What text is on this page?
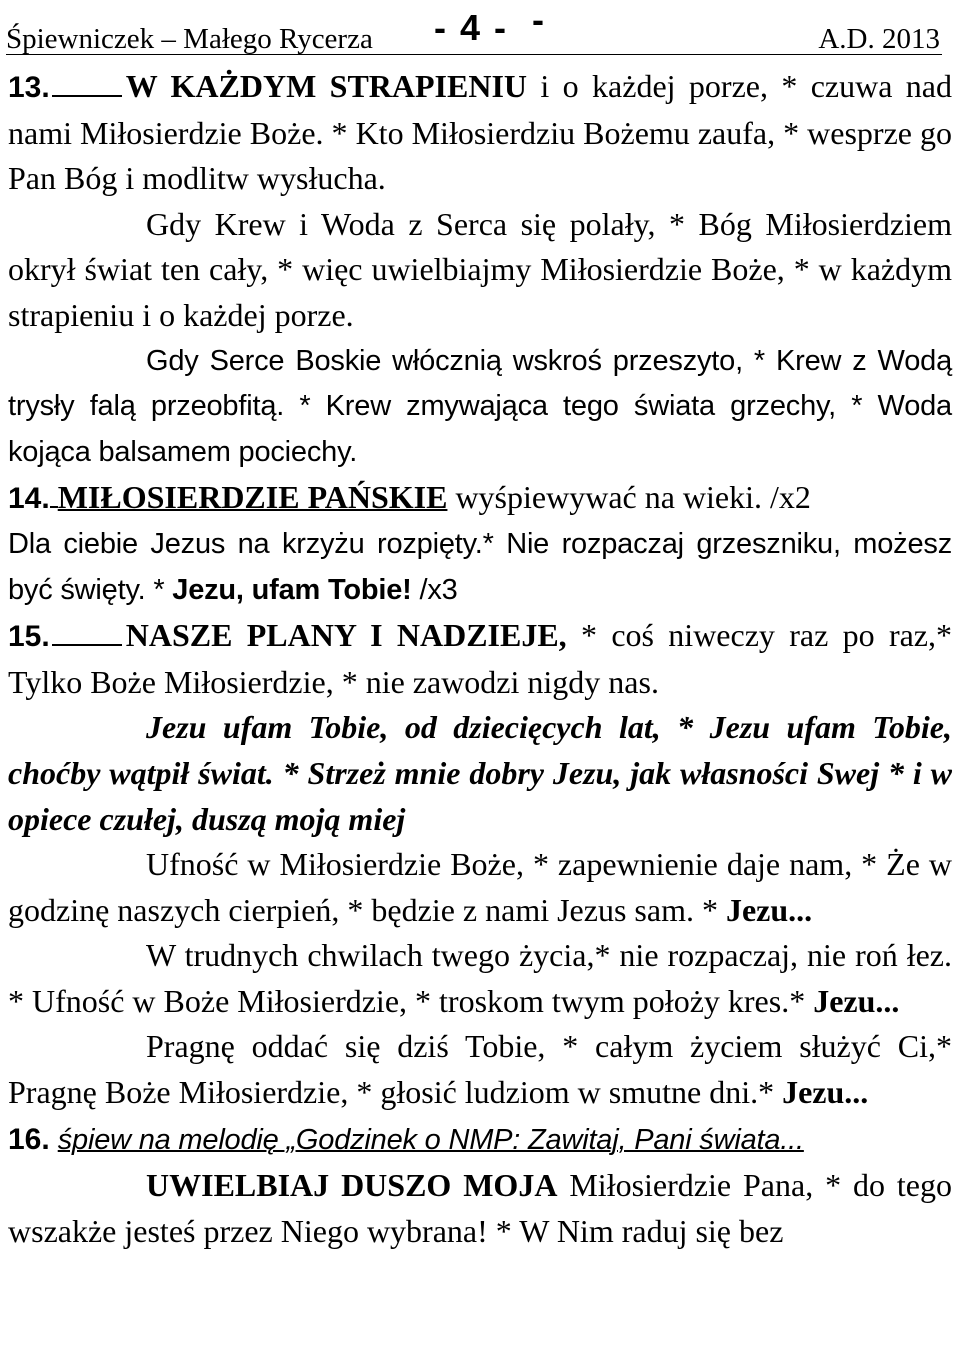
Śpiewniczek – Małego Rycerza - 4 - -	A.D. 2013

13. W KAŻDYM STRAPIENIU i o każdej porze, * czuwa nad nami Miłosierdzie Boże. * Kto Miłosierdziu Bożemu zaufa, * wesprze go Pan Bóg i modlitw wysłucha.

Gdy Krew i Woda z Serca się polały, * Bóg Miłosierdziem okrył świat ten cały, * więc uwielbiajmy Miłosierdzie Boże, * w każdym strapieniu i o każdej porze.

Gdy Serce Boskie włócznią wskroś przeszyto, * Krew z Wodą trysły falą przeobfitą. * Krew zmywająca tego świata grzechy, * Woda kojąca balsamem pociechy.

14. MIŁOSIERDZIE PAŃSKIE wyśpiewywać na wieki. /x2

Dla ciebie Jezus na krzyżu rozpięty.* Nie rozpaczaj grzeszniku, możesz być święty. * Jezu, ufam Tobie! /x3

15. NASZE PLANY I NADZIEJE, * coś niweczy raz po raz,* Tylko Boże Miłosierdzie, * nie zawodzi nigdy nas.

Jezu ufam Tobie, od dziecięcych lat, * Jezu ufam Tobie, choćby wątpił świat. * Strzeż mnie dobry Jezu, jak własności Swej * i w opiece czułej, duszą moją miej

Ufność w Miłosierdzie Boże, * zapewnienie daje nam, * Że w godzinę naszych cierpień, * będzie z nami Jezus sam. * Jezu...

W trudnych chwilach twego życia,* nie rozpaczaj, nie roń łez. * Ufność w Boże Miłosierdzie, * troskom twym położy kres.* Jezu...

Pragnę oddać się dziś Tobie, * całym życiem służyć Ci,* Pragnę Boże Miłosierdzie, * głosić ludziom w smutne dni.* Jezu...

16. śpiew na melodię „Godzinek o NMP: Zawitaj, Pani świata...

UWIELBIAJ DUSZO MOJA Miłosierdzie Pana, * do tego wszakże jesteś przez Niego wybrana! * W Nim raduj się bez
